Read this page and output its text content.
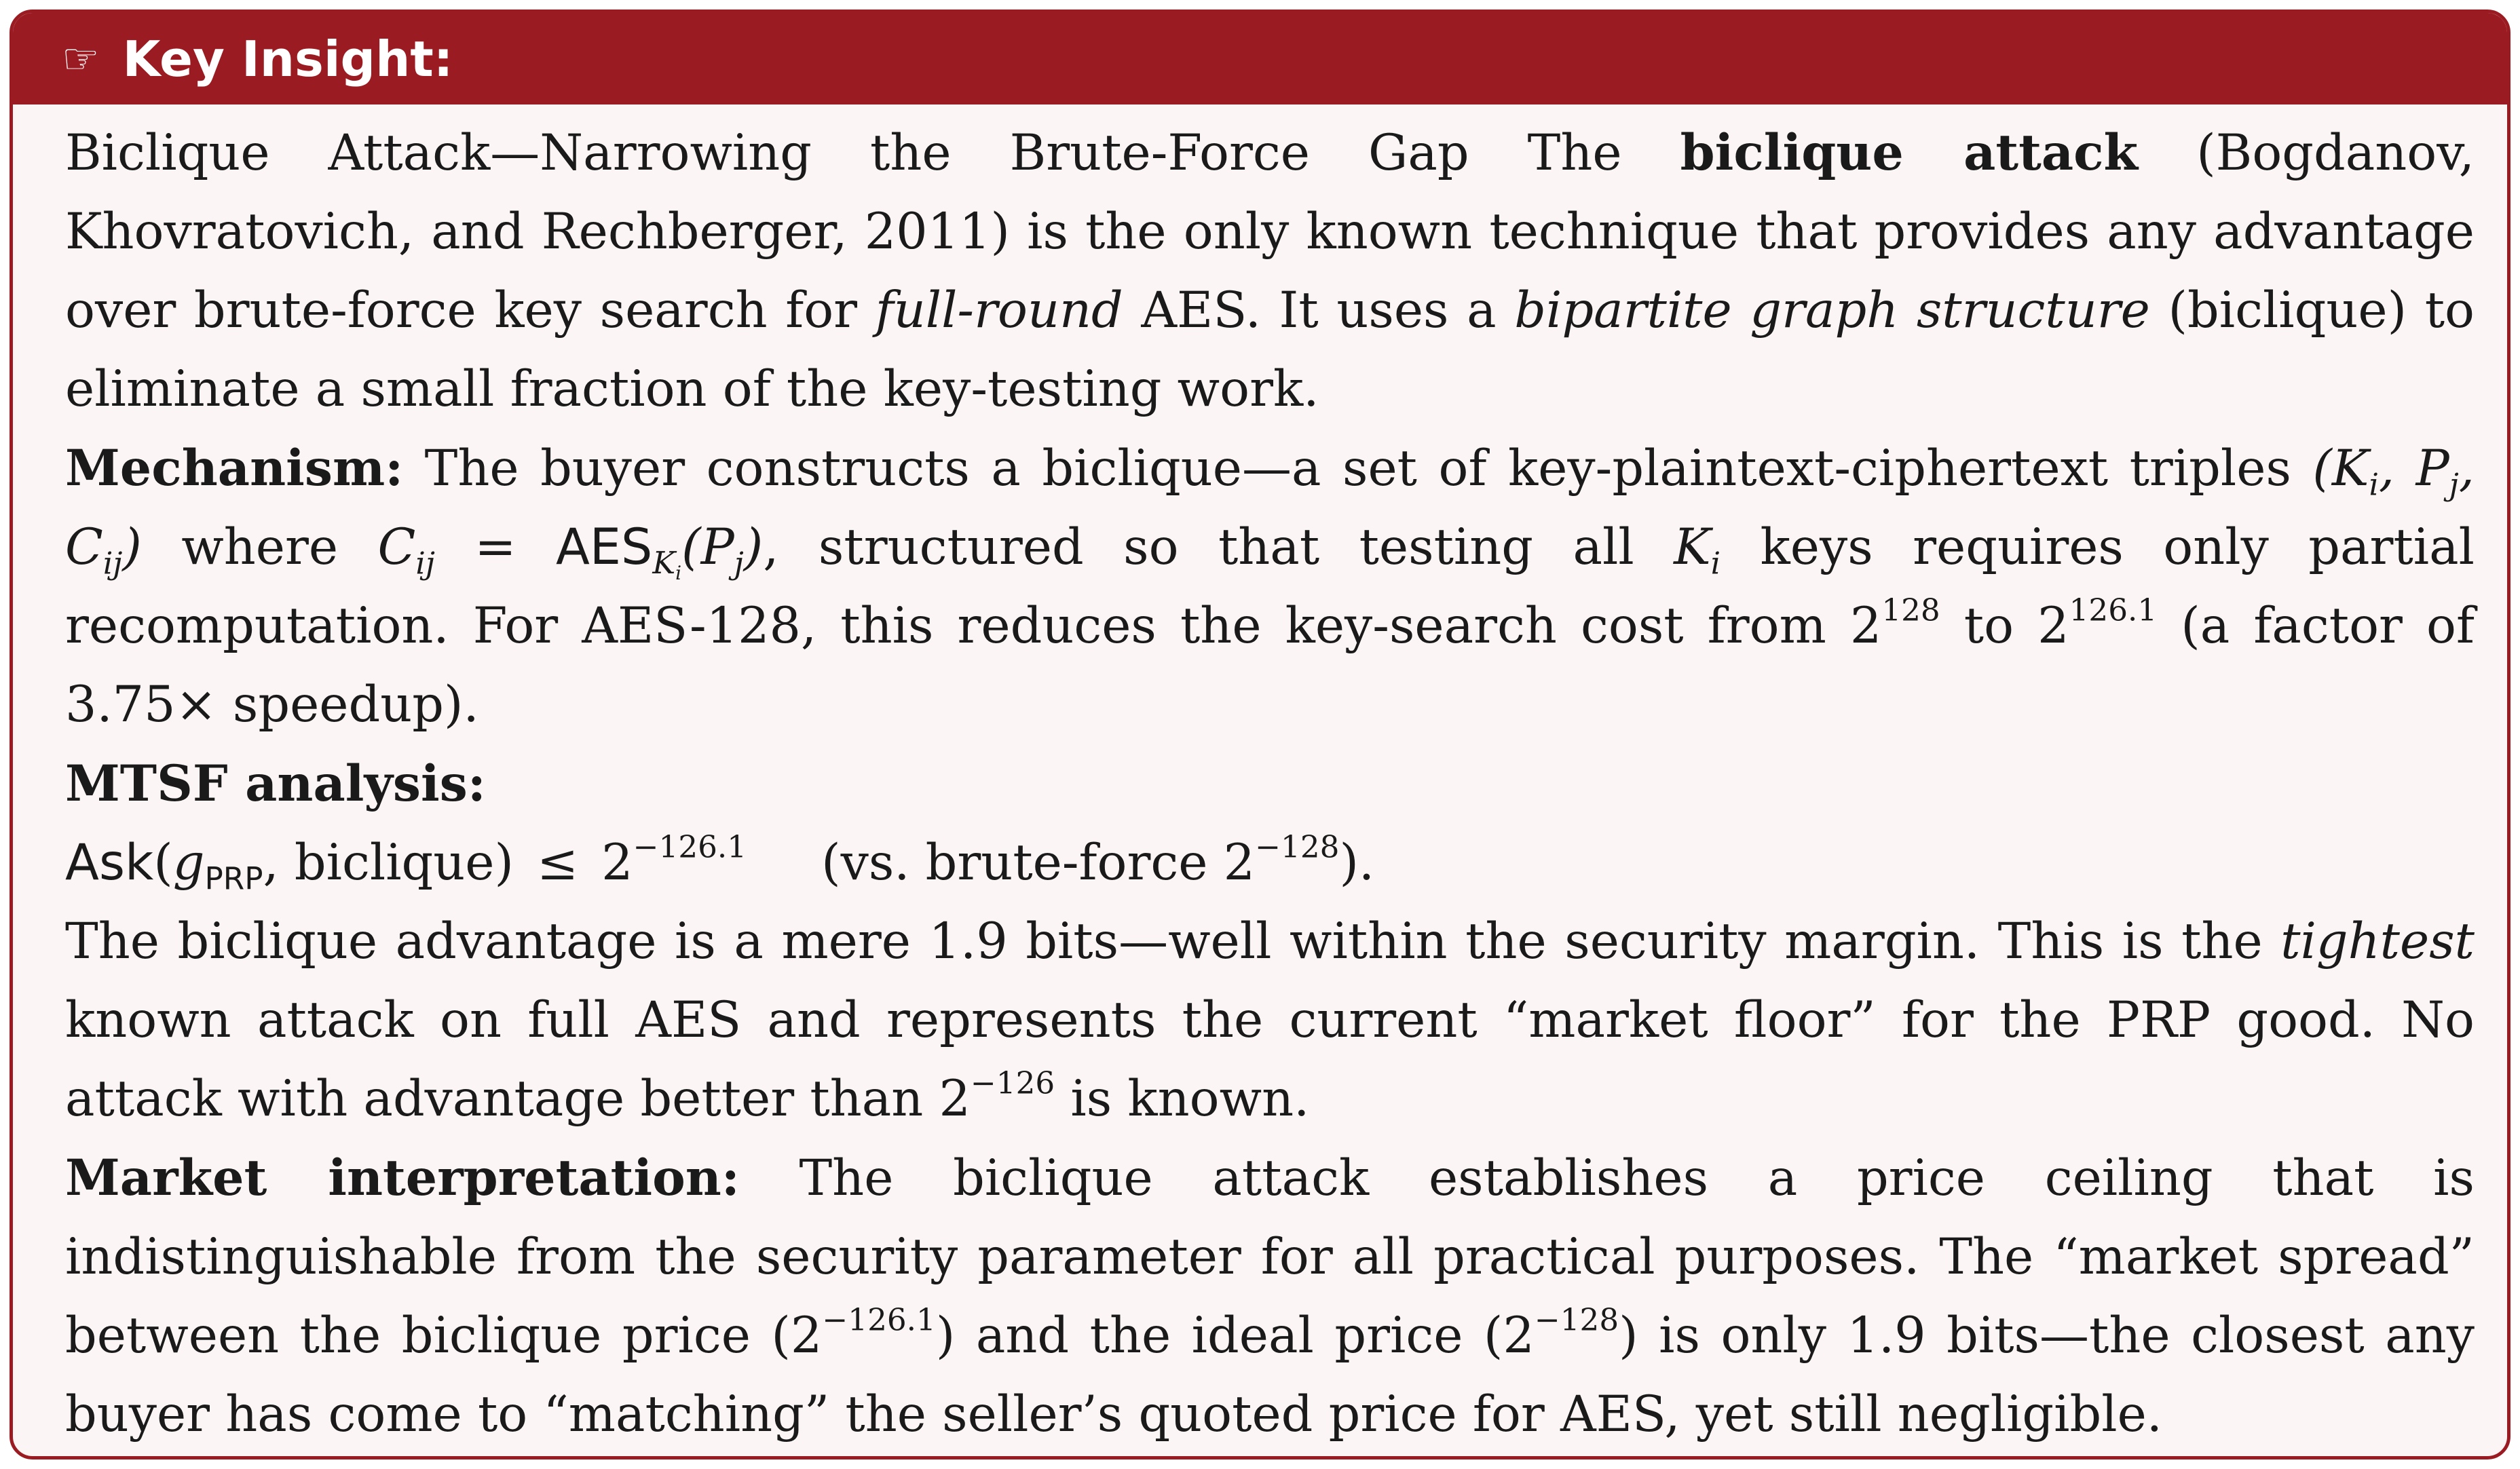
☞ Key Insight:

Biclique Attack—Narrowing the Brute-Force Gap The biclique attack (Bogdanov, Khovratovich, and Rechberger, 2011) is the only known technique that provides any advantage over brute-force key search for full-round AES. It uses a bipartite graph structure (biclique) to eliminate a small fraction of the key-testing work.

Mechanism: The buyer constructs a biclique—a set of key-plaintext-ciphertext triples ($K_i$, $P_j$, $C_{ij}$) where $C_{ij} = AES_{K_i}(P_j)$, structured so that testing all $K_i$ keys requires only partial recomputation. For AES-128, this reduces the key-search cost from $2^{128}$ to $2^{126.1}$ (a factor of 3.75× speedup).

MTSF analysis:

$Ask(g_{PRP}$, biclique) ≤ $2^{-126.1}$ (vs. brute-force $2^{-128}$).

The biclique advantage is a mere 1.9 bits—well within the security margin. This is the tightest known attack on full AES and represents the current “market floor” for the PRP good. No attack with advantage better than $2^{-126}$ is known.

Market interpretation: The biclique attack establishes a price ceiling that is indistinguishable from the security parameter for all practical purposes. The “market spread” between the biclique price $(2^{-126.1})$ and the ideal price $(2^{-128})$ is only 1.9 bits—the closest any buyer has come to “matching” the seller’s quoted price for AES, yet still negligible.
